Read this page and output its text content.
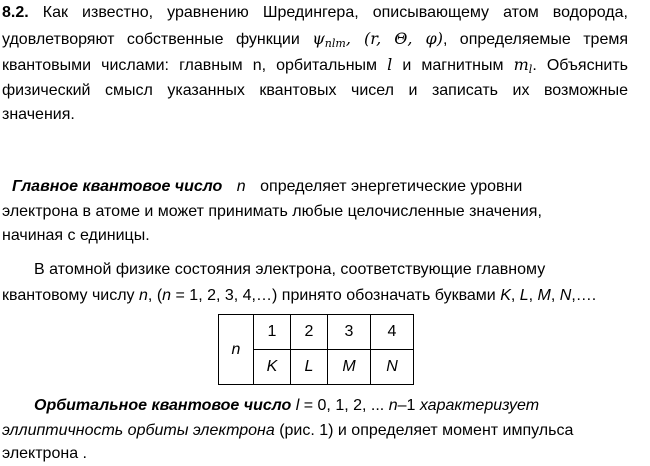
8.2. Как известно, уравнению Шредингера, описывающему атом водорода,
удовлетворяют собственные функции $\psi_{nlm}$, (r, Θ, φ), определяемые тремя
квантовыми числами: главным n, орбитальным l и магнитным $m_l$. Объяснить
физический смысл указанных квантовых чисел и записать их возможные
значения.
Главное квантовое число n определяет энергетические уровни
электрона в атоме и может принимать любые целочисленные значения,
начиная с единицы.
В атомной физике состояния электрона, соответствующие главному
квантовому числу n, (n = 1, 2, 3, 4,…) принято обозначать буквами K, L, M, N,….
n	1	2	3	4
	K	L	M	N
Орбитальное квантовое число l = 0, 1, 2, ... n–1 характеризует
эллиптичность орбиты электрона (рис. 1) и определяет момент импульса
электрона .
